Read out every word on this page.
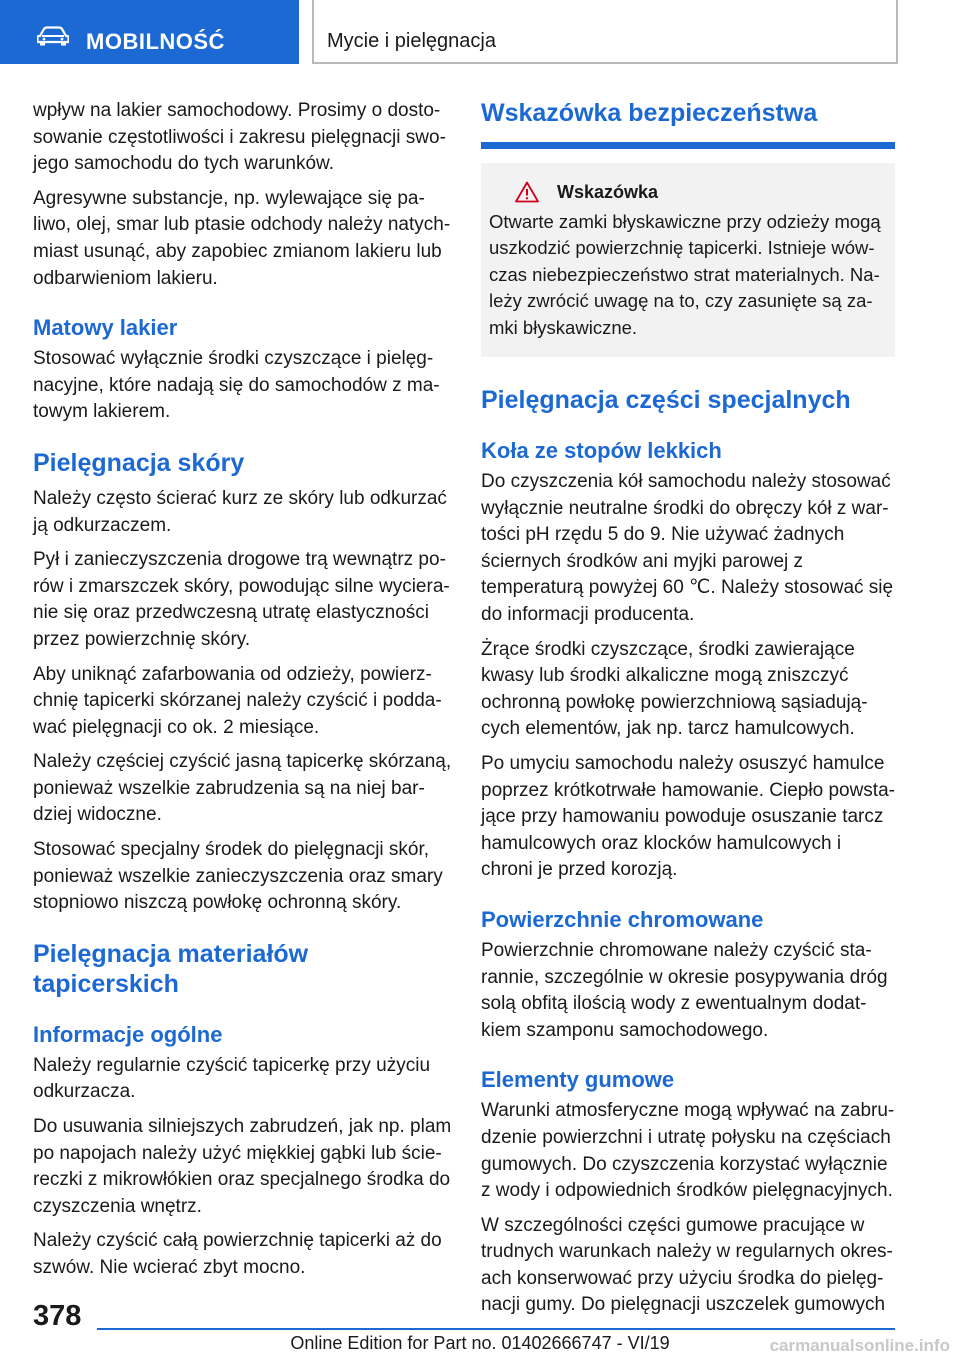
MOBILNOŚĆ	Mycie i pielęgnacja

wpływ na lakier samochodowy. Prosimy o dostosowanie częstotliwości i zakresu pielęgnacji swojego samochodu do tych warunków.

Agresywne substancje, np. wylewające się paliwo, olej, smar lub ptasie odchody należy natychmiast usunąć, aby zapobiec zmianom lakieru lub odbarwieniom lakieru.

Matowy lakier

Stosować wyłącznie środki czyszczące i pielęgnacyjne, które nadają się do samochodów z matowym lakierem.

Pielęgnacja skóry

Należy często ścierać kurz ze skóry lub odkurzać ją odkurzaczem.

Pył i zanieczyszczenia drogowe trą wewnątrz porów i zmarszczek skóry, powodując silne wycieranie się oraz przedwczesną utratę elastyczności przez powierzchnię skóry.

Aby uniknąć zafarbowania od odzieży, powierzchnię tapicerki skórzanej należy czyścić i poddawać pielęgnacji co ok. 2 miesiące.

Należy częściej czyścić jasną tapicerkę skórzaną, ponieważ wszelkie zabrudzenia są na niej bardziej widoczne.

Stosować specjalny środek do pielęgnacji skór, ponieważ wszelkie zanieczyszczenia oraz smary stopniowo niszczą powłokę ochronną skóry.

Pielęgnacja materiałów tapicerskich
Informacje ogólne

Należy regularnie czyścić tapicerkę przy użyciu odkurzacza.

Do usuwania silniejszych zabrudzeń, jak np. plam po napojach należy użyć miękkiej gąbki lub ściereczki z mikrowłókien oraz specjalnego środka do czyszczenia wnętrz.

Należy czyścić całą powierzchnię tapicerki aż do szwów. Nie wcierać zbyt mocno.

Wskazówka bezpieczeństwa
Wskazówka

Otwarte zamki błyskawiczne przy odzieży mogą uszkodzić powierzchnię tapicerki. Istnieje wówczas niebezpieczeństwo strat materialnych. Należy zwrócić uwagę na to, czy zasunięte są zamki błyskawiczne.

Pielęgnacja części specjalnych
Koła ze stopów lekkich

Do czyszczenia kół samochodu należy stosować wyłącznie neutralne środki do obręczy kół z wartości pH rzędu 5 do 9. Nie używać żadnych ściernych środków ani myjki parowej z temperaturą powyżej 60 ℃. Należy stosować się do informacji producenta.

Żrące środki czyszczące, środki zawierające kwasy lub środki alkaliczne mogą zniszczyć ochronną powłokę powierzchniową sąsiadujących elementów, jak np. tarcz hamulcowych.

Po umyciu samochodu należy osuszyć hamulce poprzez krótkotrwałe hamowanie. Ciepło powstające przy hamowaniu powoduje osuszanie tarcz hamulcowych oraz klocków hamulcowych i chroni je przed korozją.

Powierzchnie chromowane

Powierzchnie chromowane należy czyścić starannie, szczególnie w okresie posypywania dróg solą obfitą ilością wody z ewentualnym dodatkiem szamponu samochodowego.

Elementy gumowe

Warunki atmosferyczne mogą wpływać na zabrudzenie powierzchni i utratę połysku na częściach gumowych. Do czyszczenia korzystać wyłącznie z wody i odpowiednich środków pielęgnacyjnych.

W szczególności części gumowe pracujące w trudnych warunkach należy w regularnych okresach konserwować przy użyciu środka do pielęgnacji gumy. Do pielęgnacji uszczelek gumowych

378
Online Edition for Part no. 01402666747 - VI/19	carmanualsonline.info
